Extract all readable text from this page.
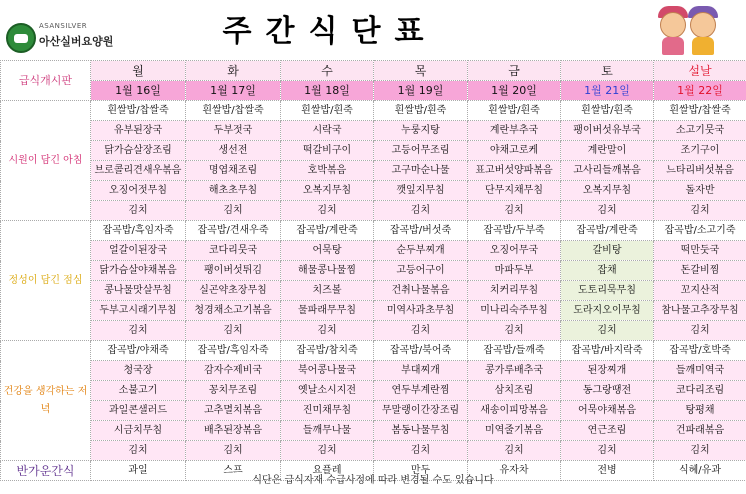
ASANSILVER
아산실버요양원	주간식단표
급식개시판	월	화	수	목	금	토	설날
	1월 16일	1월 17일	1월 18일	1월 19일	1월 20일	1월 21일	1월 22일
시원이 담긴 아침	흰쌀밥/찹쌀죽	흰쌀밥/찹쌀죽	흰쌀밥/흰죽	흰쌀밥/흰죽	흰쌀밥/흰죽	흰쌀밥/흰죽	흰쌀밥/찹쌀죽
	유부된장국	두부젓국	시락국	누룽지탕	계란부추국	팽이버섯유부국	소고기뭇국
	닭가슴살장조림	생선전	떡갈비구이	고등어무조림	야채고로케	계란말이	조기구이
	브로콜리견새우볶음	명엽채조림	호박볶음	고구마순나물	표고버섯양파볶음	고사리들깨볶음	느타리버섯볶음
	오징어젓무침	해초초무침	오복지무침	깻잎지무침	단무지채무침	오복지무침	돌자반
	김치	김치	김치	김치	김치	김치	김치
정성이 담긴 점심	잡곡밥/흑임자죽	잡곡밥/견새우죽	잡곡밥/계란죽	잡곡밥/버섯죽	잡곡밥/두부죽	잡곡밥/계란죽	잡곡밥/소고기죽
	얼갈이된장국	코다리뭇국	어묵탕	순두부찌개	오징어무국	갈비탕	떡만둣국
	닭가슴살야채볶음	팽이버섯튀김	해물콩나물찜	고등어구이	마파두부	잡채	돈갈비찜
	콩나물맛살무침	실곤약초장무침	치즈볼	건취나물볶음	치커리무침	도토리묵무침	꼬지산적
	두부고시래기무침	청경채소고기볶음	물파래무무침	미역사과초무침	미나리숙주무침	도라지오이무침	참나물고추장무침
	김치	김치	김치	김치	김치	김치	김치
건강을 생각하는 저녁	잡곡밥/야채죽	잡곡밥/흑임자죽	잡곡밥/참치죽	잡곡밥/북어죽	잡곡밥/들깨죽	잡곡밥/바지락죽	잡곡밥/호박죽
	청국장	감자수제비국	북어콩나물국	부대찌개	콩가루배추국	된장찌개	들깨미역국
	소불고기	꽁치무조림	옛날소시지전	연두부계란찜	삼치조림	동그랑땡전	코다리조림
	과일콘샐러드	고추멸치볶음	진미채무침	무말랭이간장조림	새송이피망볶음	어묵야채볶음	탕평채
	시금치무침	배추된장볶음	들깨무나물	봄동나물무침	미역줄기볶음	연근조림	건파래볶음
	김치	김치	김치	김치	김치	김치	김치
반가운간식	과일	스프	요플레	만두	유자차	전병	식혜/유과
식단은 급식자재 수급사정에 따라 변경될 수도 있습니다
